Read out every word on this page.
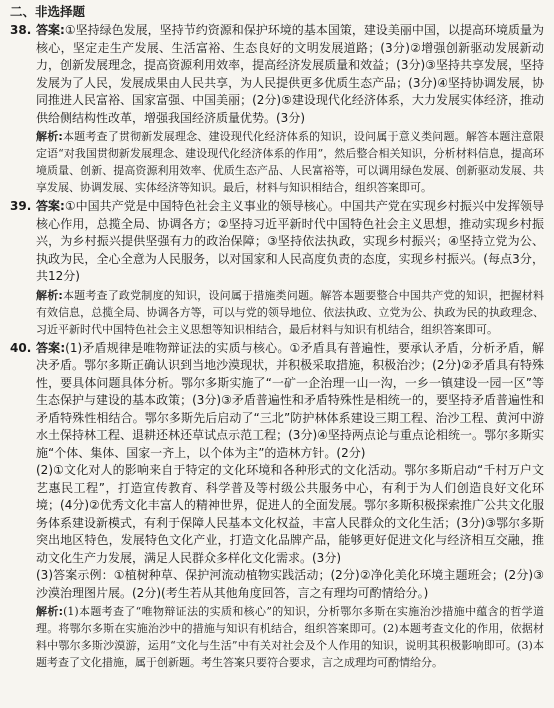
二、非选择题
38. 答案:①坚持绿色发展，坚持节约资源和保护环境的基本国策，建设美丽中国，以提高环境质量为核心，坚定走生产发展、生活富裕、生态良好的文明发展道路；(3分)②增强创新驱动发展新动力，创新发展理念，提高资源利用效率，提高经济发展质量和效益；(3分)③坚持共享发展，坚持发展为了人民，发展成果由人民共享，为人民提供更多优质生态产品；(3分)④坚持协调发展，协同推进人民富裕、国家富强、中国美丽；(2分)⑤建设现代化经济体系，大力发展实体经济，推动供给侧结构性改革，增强我国经济质量优势。(3分)

解析:本题考查了贯彻新发展理念、建设现代化经济体系的知识，设问属于意义类问题。解答本题注意限定语“对我国贯彻新发展理念、建设现代化经济体系的作用”，然后整合相关知识，分析材料信息，提高环境质量、创新、提高资源利用效率、优质生态产品、人民富裕等，可以调用绿色发展、创新驱动发展、共享发展、协调发展、实体经济等知识。最后，材料与知识相结合，组织答案即可。

39. 答案:①中国共产党是中国特色社会主义事业的领导核心。中国共产党在实现乡村振兴中发挥领导核心作用，总揽全局、协调各方；②坚持习近平新时代中国特色社会主义思想，推动实现乡村振兴，为乡村振兴提供坚强有力的政治保障；③坚持依法执政，实现乡村振兴；④坚持立党为公、执政为民，全心全意为人民服务，以对国家和人民高度负责的态度，实现乡村振兴。(每点3分，共12分)

解析:本题考查了政党制度的知识，设问属于措施类问题。解答本题要整合中国共产党的知识，把握材料有效信息，总揽全局、协调各方等，可以与党的领导地位、依法执政、立党为公、执政为民的执政理念、习近平新时代中国特色社会主义思想等知识相结合，最后材料与知识有机结合，组织答案即可。

40. 答案:(1)矛盾规律是唯物辩证法的实质与核心。①矛盾具有普遍性，要承认矛盾，分析矛盾，解决矛盾。鄂尔多斯正确认识到当地沙漠现状，并积极采取措施，积极治沙；(2分)②矛盾具有特殊性，要具体问题具体分析。鄂尔多斯实施了“一矿一企治理一山一沟，一乡一镇建设一园一区”等生态保护与建设的基本政策；(3分)③矛盾普遍性和矛盾特殊性是相统一的，要坚持矛盾普遍性和矛盾特殊性相结合。鄂尔多斯先后启动了“三北”防护林体系建设三期工程、治沙工程、黄河中游水土保持林工程、退耕还林还草试点示范工程；(3分)④坚持两点论与重点论相统一。鄂尔多斯实施“个体、集体、国家一齐上，以个体为主”的造林方针。(2分)

(2)①文化对人的影响来自于特定的文化环境和各种形式的文化活动。鄂尔多斯启动“千村万户文艺惠民工程”，打造宣传教育、科学普及等村级公共服务中心，有利于为人们创造良好文化环境；(4分)②优秀文化丰富人的精神世界，促进人的全面发展。鄂尔多斯积极探索推广公共文化服务体系建设新模式，有利于保障人民基本文化权益，丰富人民群众的文化生活；(3分)③鄂尔多斯突出地区特色，发展特色文化产业，打造文化品牌产品，能够更好促进文化与经济相互交融，推动文化生产力发展，满足人民群众多样化文化需求。(3分)

(3)答案示例：①植树种草、保护河流动植物实践活动；(2分)②净化美化环境主题班会；(2分)③沙漠治理图片展。(2分)(考生若从其他角度回答，言之有理均可酌情给分。)

解析:(1)本题考查了“唯物辩证法的实质和核心”的知识，分析鄂尔多斯在实施治沙措施中蕴含的哲学道理。将鄂尔多斯在实施治沙中的措施与知识有机结合，组织答案即可。(2)本题考查文化的作用，依据材料中鄂尔多斯沙漠游，运用“文化与生活”中有关对社会及个人作用的知识，说明其积极影响即可。(3)本题考查了文化措施，属于创新题。考生答案只要符合要求，言之成理均可酌情给分。
